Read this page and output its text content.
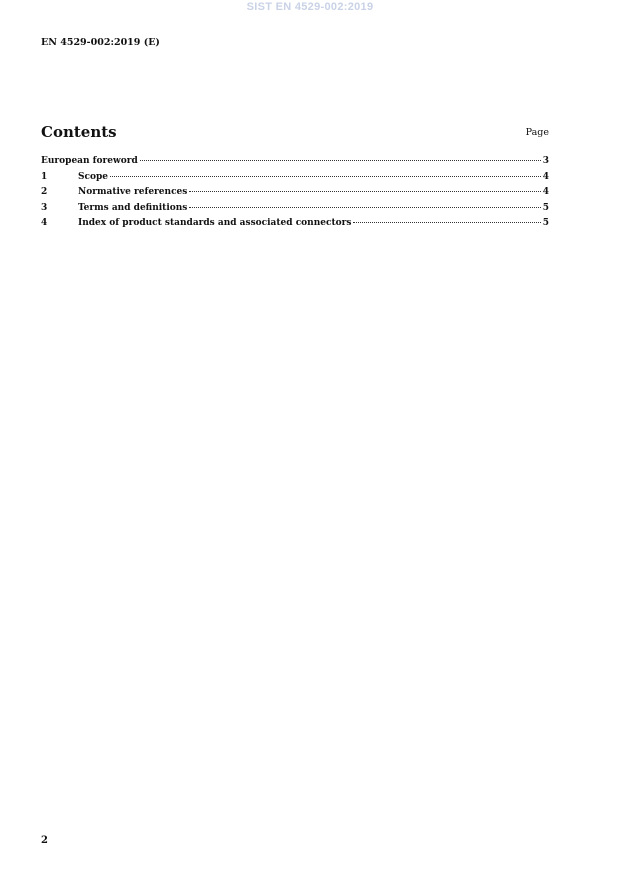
SIST EN 4529-002:2019
EN 4529-002:2019 (E)
Contents	Page
European foreword	3
1	Scope	4
2	Normative references	4
3	Terms and definitions	5
4	Index of product standards and associated connectors	5
2
